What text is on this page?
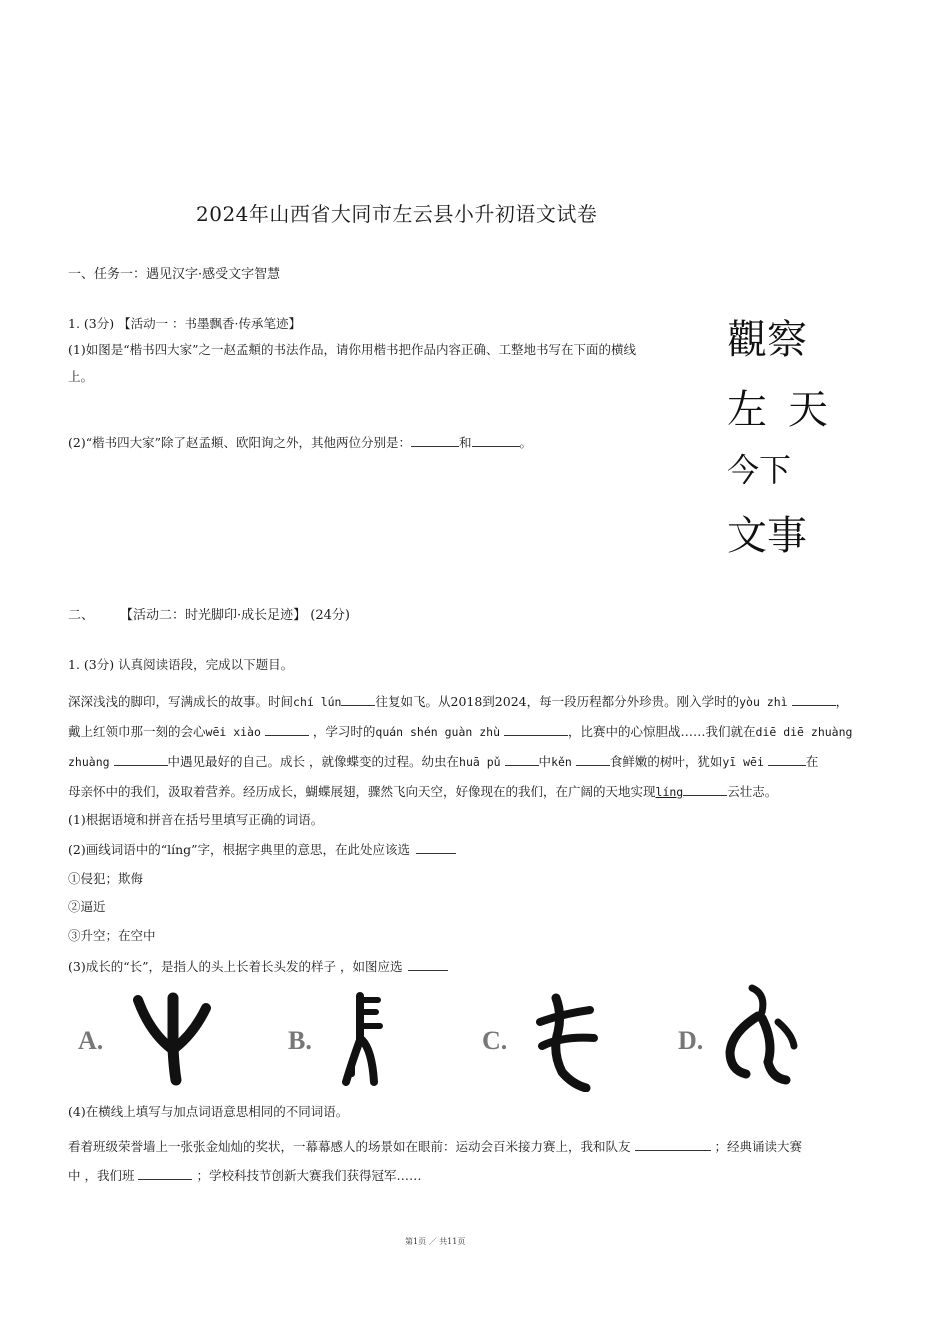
2024年山西省大同市左云县小升初语文试卷
一、任务一：遇见汉字·感受文字智慧
1. (3分) 【活动一 ：书墨飘香·传承笔迹】
(1)如图是“楷书四大家”之一赵孟頫的书法作品，请你用楷书把作品内容正确、工整地书写在下面的横线
上。
(2)“楷书四大家”除了赵孟頫、欧阳询之外，其他两位分别是：	和	。
觀察
左 天
今下
文事
二、 【活动二：时光脚印·成长足迹】 (24分)
1. (3分) 认真阅读语段，完成以下题目。
深深浅浅的脚印，写满成长的故事。时间chí lún	往复如飞。从2018到2024，每一段历程都分外珍贵。刚入学时的yòu zhì	，
戴上红领巾那一刻的会心wēi xiào	，学习时的quán shén guàn zhù	，比赛中的心惊胆战……我们就在diē diē zhuàng
zhuàng	中遇见最好的自己。成长 ，就像蝶变的过程。幼虫在huā pǔ	中kěn	食鲜嫩的树叶，犹如yī wēi	在
母亲怀中的我们，汲取着营养。经历成长，蝴蝶展翅，骤然飞向天空，好像现在的我们，在广阔的天地实现líng	云壮志。
(1)根据语境和拼音在括号里填写正确的词语。
(2)画线词语中的“líng”字，根据字典里的意思，在此处应该选
①侵犯；欺侮
②逼近
③升空；在空中
(3)成长的“长”，是指人的头上长着长头发的样子 ，如图应选
A.	B.	C.	D.
(4)在横线上填写与加点词语意思相同的不同词语。
看着班级荣誉墙上一张张金灿灿的奖状，一幕幕感人的场景如在眼前：运动会百米接力赛上，我和队友	；经典诵读大赛
中 ，我们班	；学校科技节创新大赛我们获得冠军……
第1页 ／ 共11页
